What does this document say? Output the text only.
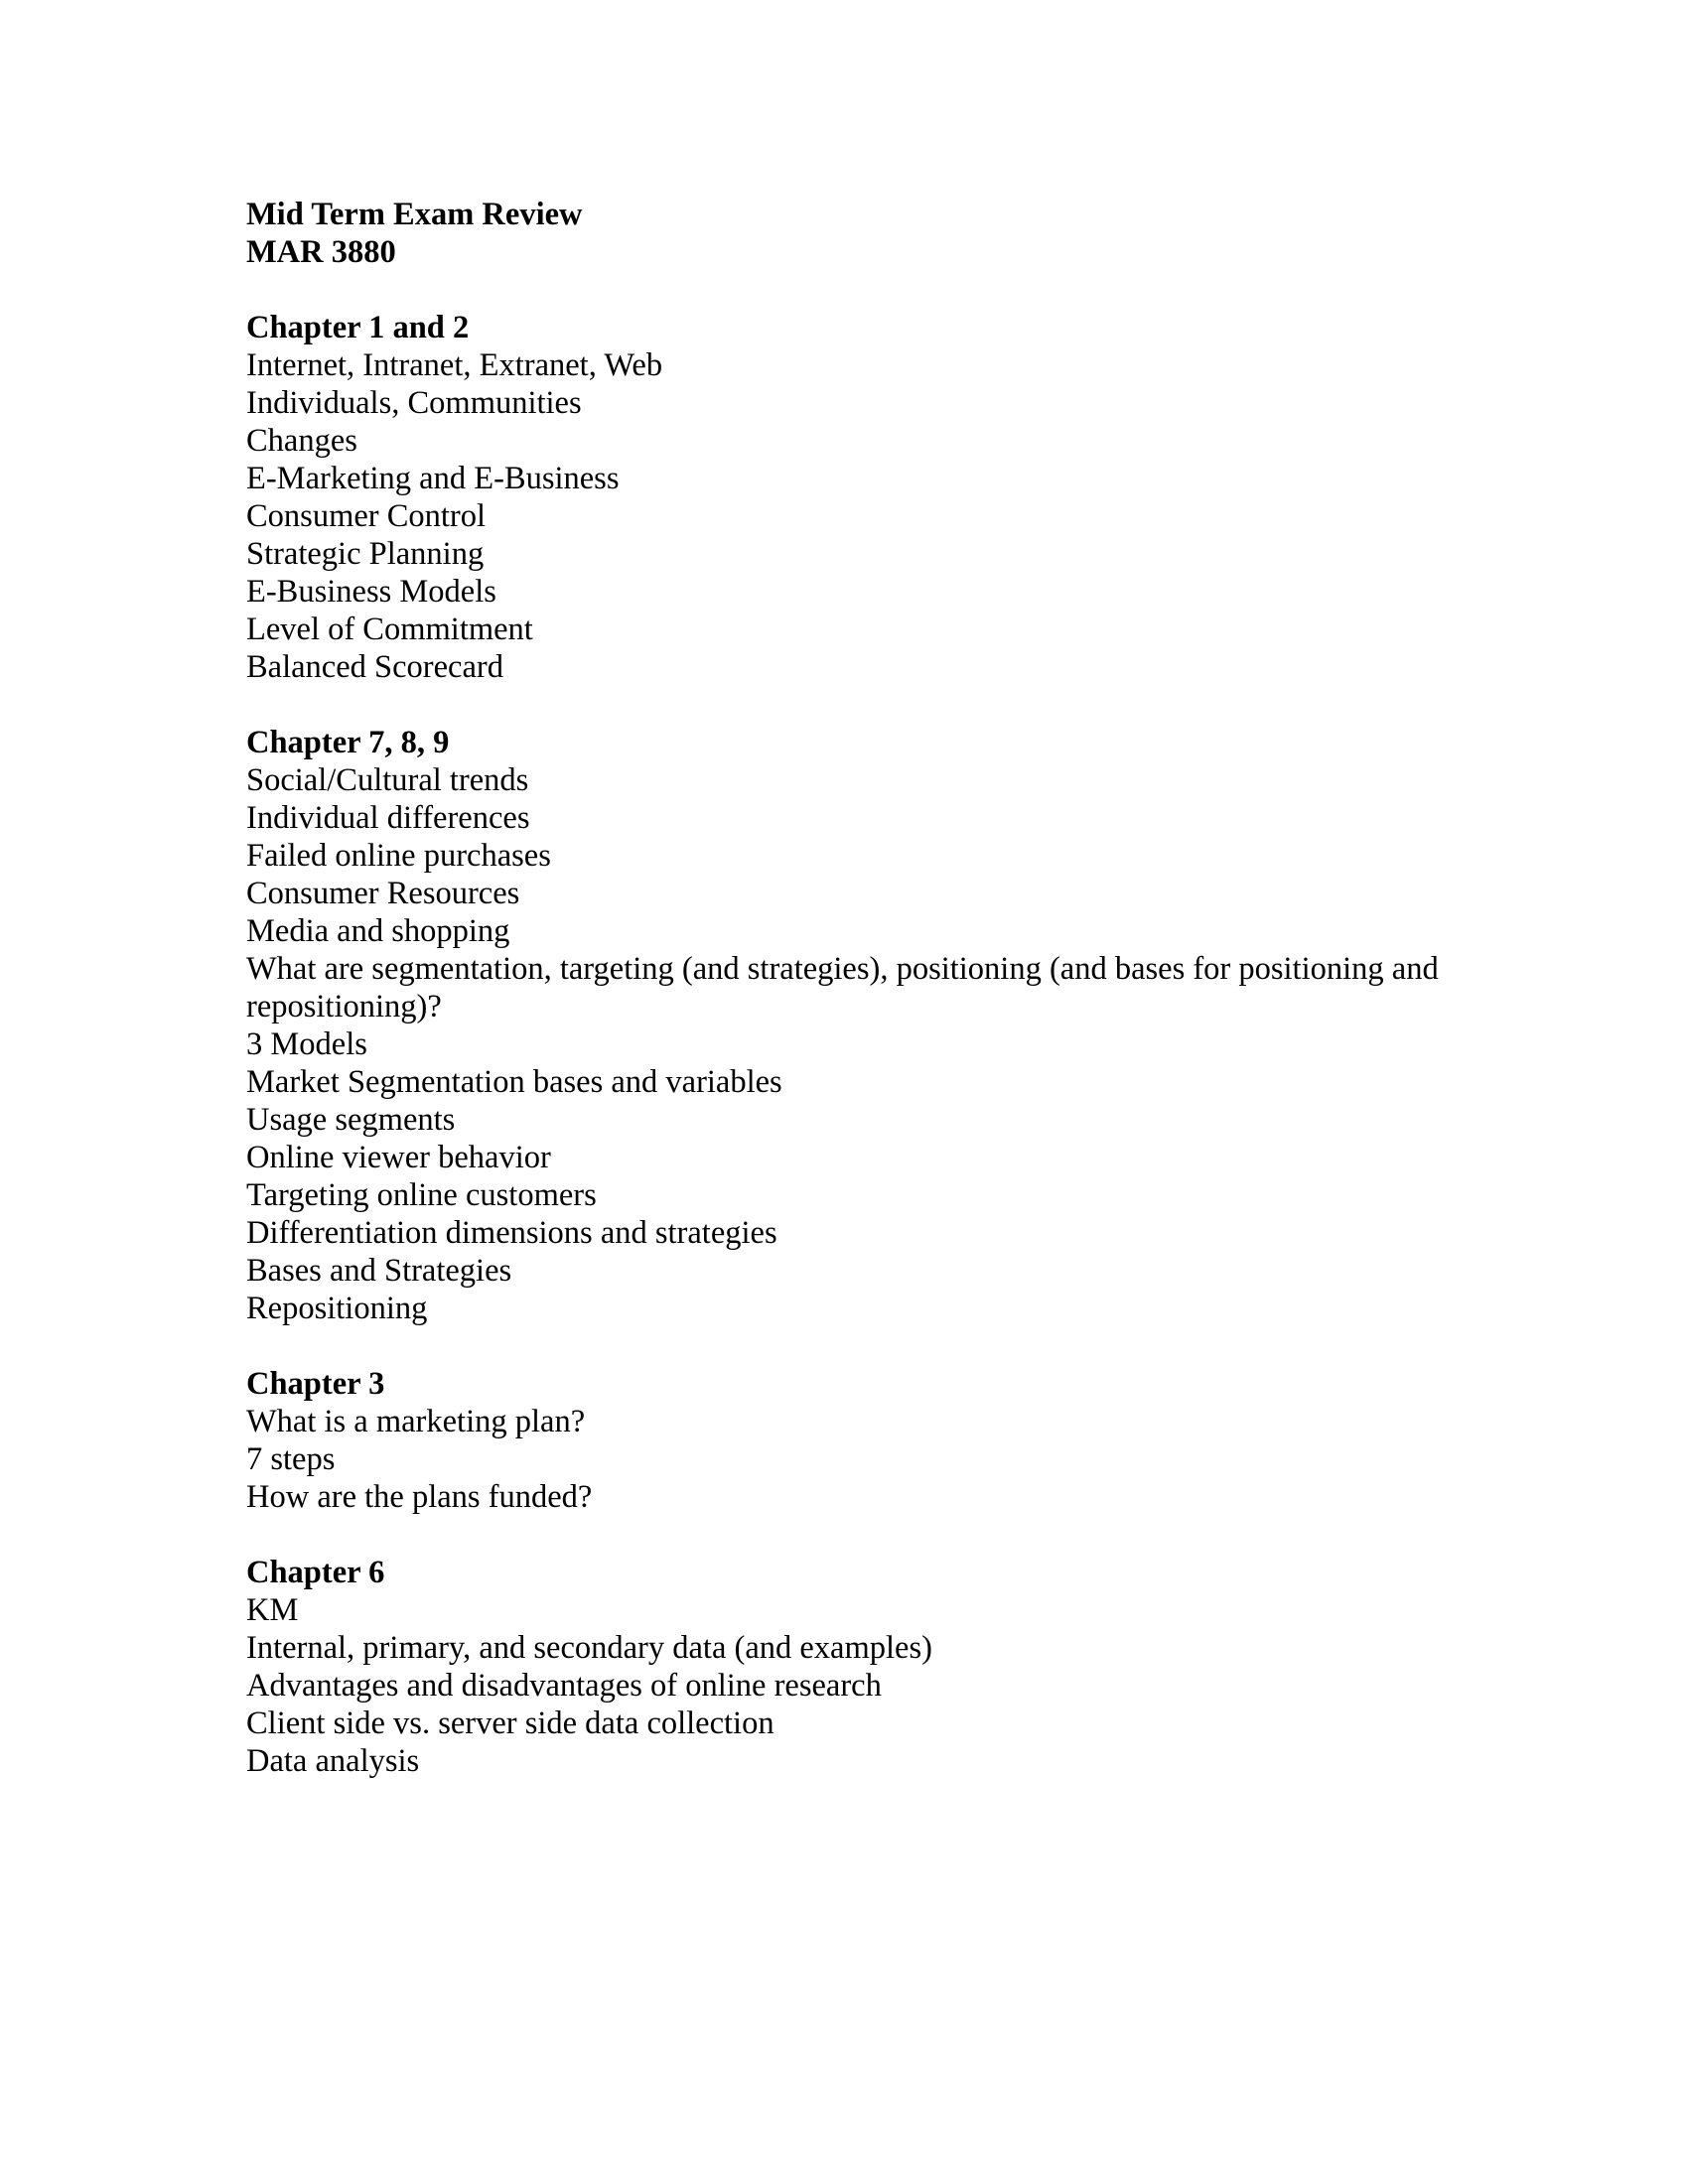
Mid Term Exam Review
MAR 3880
Chapter 1 and 2
Internet, Intranet, Extranet, Web
Individuals, Communities
Changes
E-Marketing and E-Business
Consumer Control
Strategic Planning
E-Business Models
Level of Commitment
Balanced Scorecard
Chapter 7, 8, 9
Social/Cultural trends
Individual differences
Failed online purchases
Consumer Resources
Media and shopping
What are segmentation, targeting (and strategies), positioning (and bases for positioning and repositioning)?
3 Models
Market Segmentation bases and variables
Usage segments
Online viewer behavior
Targeting online customers
Differentiation dimensions and strategies
Bases and Strategies
Repositioning
Chapter 3
What is a marketing plan?
7 steps
How are the plans funded?
Chapter 6
KM
Internal, primary, and secondary data (and examples)
Advantages and disadvantages of online research
Client side vs. server side data collection
Data analysis
